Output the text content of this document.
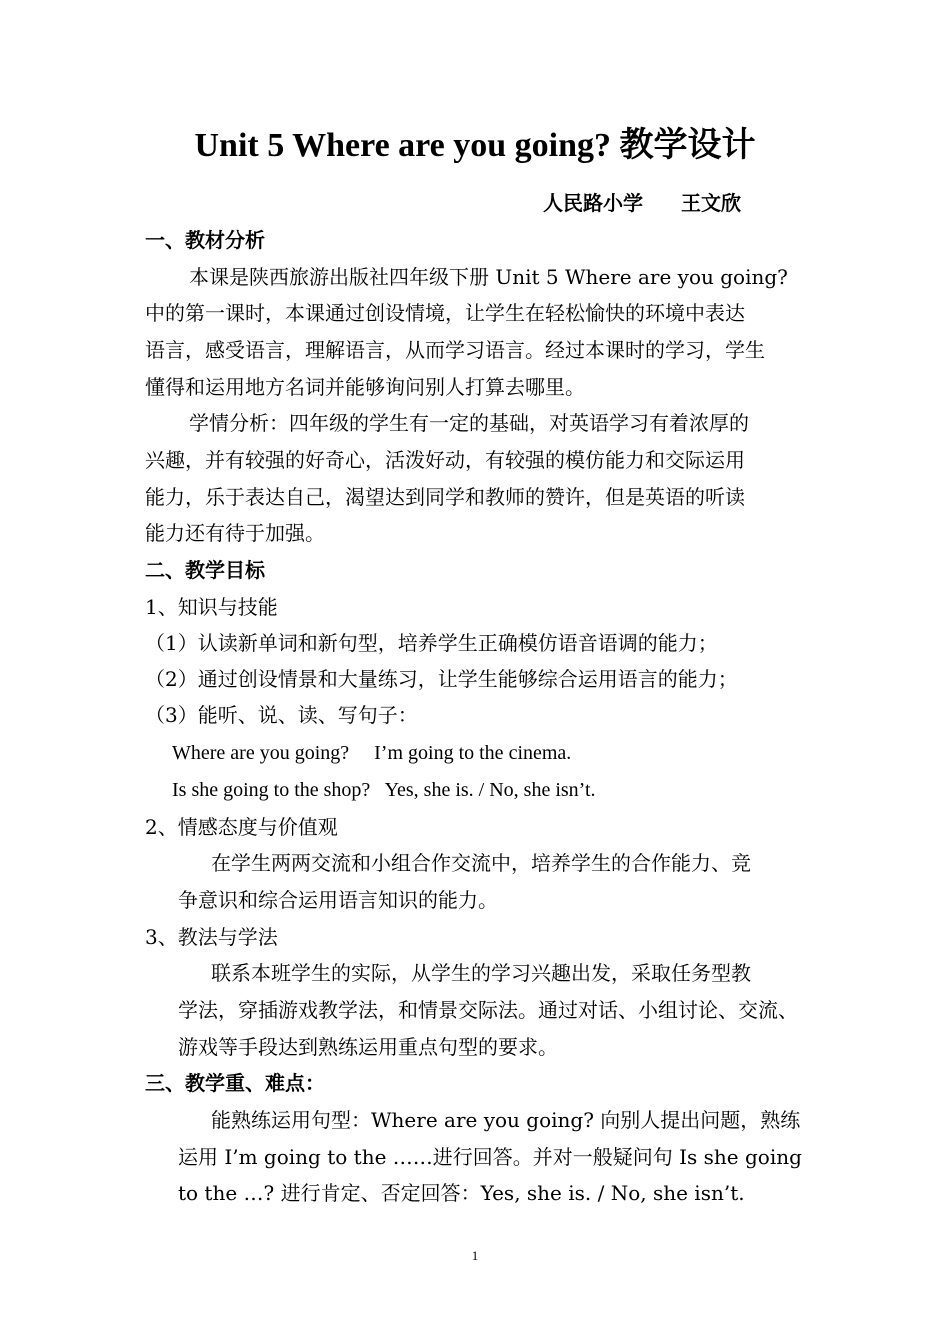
Unit 5 Where are you going? 教学设计
人民路小学 王文欣
一、教材分析
本课是陕西旅游出版社四年级下册 Unit 5 Where are you going?
中的第一课时，本课通过创设情境，让学生在轻松愉快的环境中表达
语言，感受语言，理解语言，从而学习语言。经过本课时的学习，学生
懂得和运用地方名词并能够询问别人打算去哪里。
学情分析：四年级的学生有一定的基础，对英语学习有着浓厚的
兴趣，并有较强的好奇心，活泼好动，有较强的模仿能力和交际运用
能力，乐于表达自己，渴望达到同学和教师的赞许，但是英语的听读
能力还有待于加强。
二、教学目标
1、知识与技能
（1）认读新单词和新句型，培养学生正确模仿语音语调的能力；
（2）通过创设情景和大量练习，让学生能够综合运用语言的能力；
（3）能听、说、读、写句子：
Where are you going?     I’m going to the cinema.
Is she going to the shop?   Yes, she is. / No, she isn’t.
2、情感态度与价值观
在学生两两交流和小组合作交流中，培养学生的合作能力、竞
争意识和综合运用语言知识的能力。
3、教法与学法
联系本班学生的实际，从学生的学习兴趣出发，采取任务型教
学法，穿插游戏教学法，和情景交际法。通过对话、小组讨论、交流、
游戏等手段达到熟练运用重点句型的要求。
三、教学重、难点：
能熟练运用句型：Where are you going? 向别人提出问题，熟练
运用 I’m going to the ……进行回答。并对一般疑问句 Is she going
to the …? 进行肯定、否定回答：Yes, she is. / No, she isn’t.
1
